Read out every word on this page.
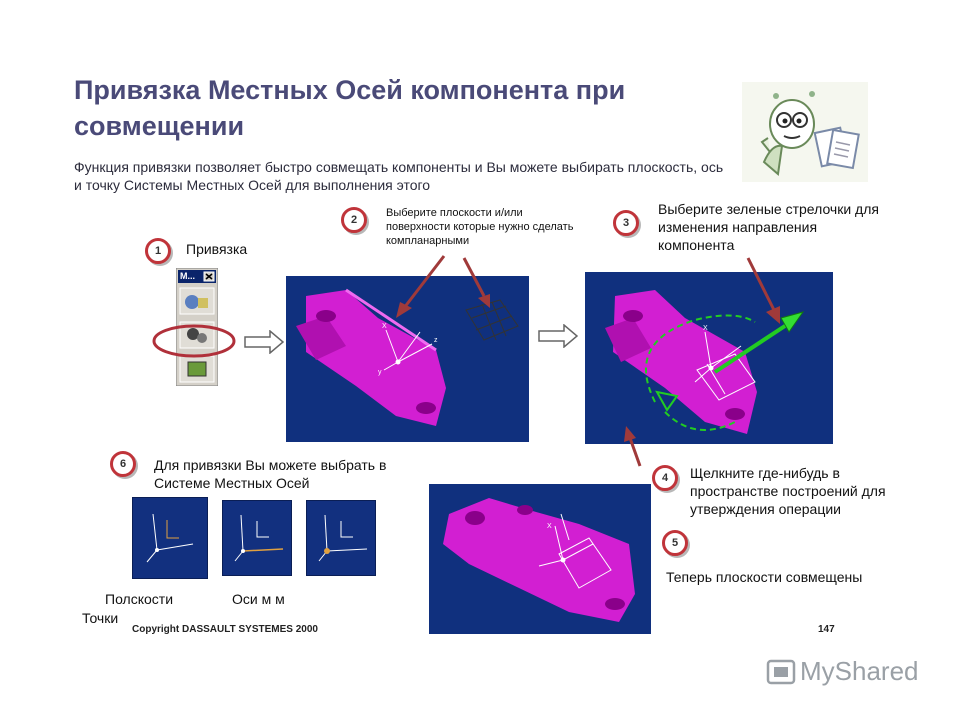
Привязка Местных Осей компонента при совмещении
Функция привязки позволяет быстро совмещать компоненты и Вы можете выбирать плоскость, ось и точку Системы Местных Осей для выполнения этого
1	Привязка
M...
2
Выберите плоскости и/или поверхности которые нужно сделать компланарными
X
z
y
3
Выберите зеленые стрелочки для изменения направления компонента
X
4	Щелкните где-нибудь в пространстве построений для утверждения операции
5
Теперь плоскости совмещены
X
6	Для привязки Вы можете выбрать в Системе Местных Осей
Полскости	Оси м м
Точки
Copyright DASSAULT SYSTEMES 2000	147
MyShared
